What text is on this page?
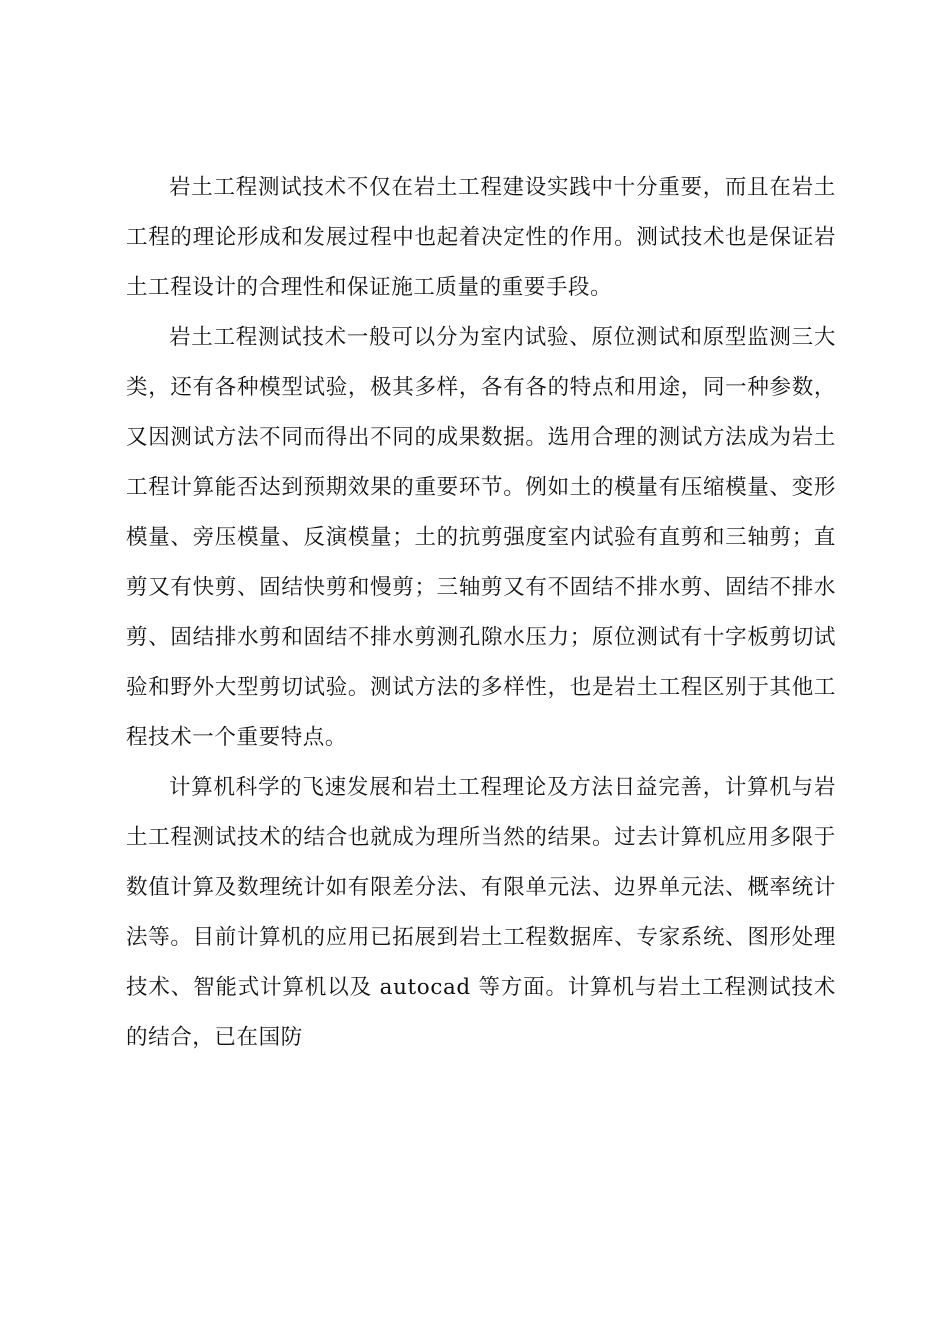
岩土工程测试技术不仅在岩土工程建设实践中十分重要，而且在岩土工程的理论形成和发展过程中也起着决定性的作用。测试技术也是保证岩土工程设计的合理性和保证施工质量的重要手段。

岩土工程测试技术一般可以分为室内试验、原位测试和原型监测三大类，还有各种模型试验，极其多样，各有各的特点和用途，同一种参数，又因测试方法不同而得出不同的成果数据。选用合理的测试方法成为岩土工程计算能否达到预期效果的重要环节。例如土的模量有压缩模量、变形模量、旁压模量、反演模量；土的抗剪强度室内试验有直剪和三轴剪；直剪又有快剪、固结快剪和慢剪；三轴剪又有不固结不排水剪、固结不排水剪、固结排水剪和固结不排水剪测孔隙水压力；原位测试有十字板剪切试验和野外大型剪切试验。测试方法的多样性，也是岩土工程区别于其他工程技术一个重要特点。

计算机科学的飞速发展和岩土工程理论及方法日益完善，计算机与岩土工程测试技术的结合也就成为理所当然的结果。过去计算机应用多限于数值计算及数理统计如有限差分法、有限单元法、边界单元法、概率统计法等。目前计算机的应用已拓展到岩土工程数据库、专家系统、图形处理技术、智能式计算机以及 autocad 等方面。计算机与岩土工程测试技术的结合，已在国防
